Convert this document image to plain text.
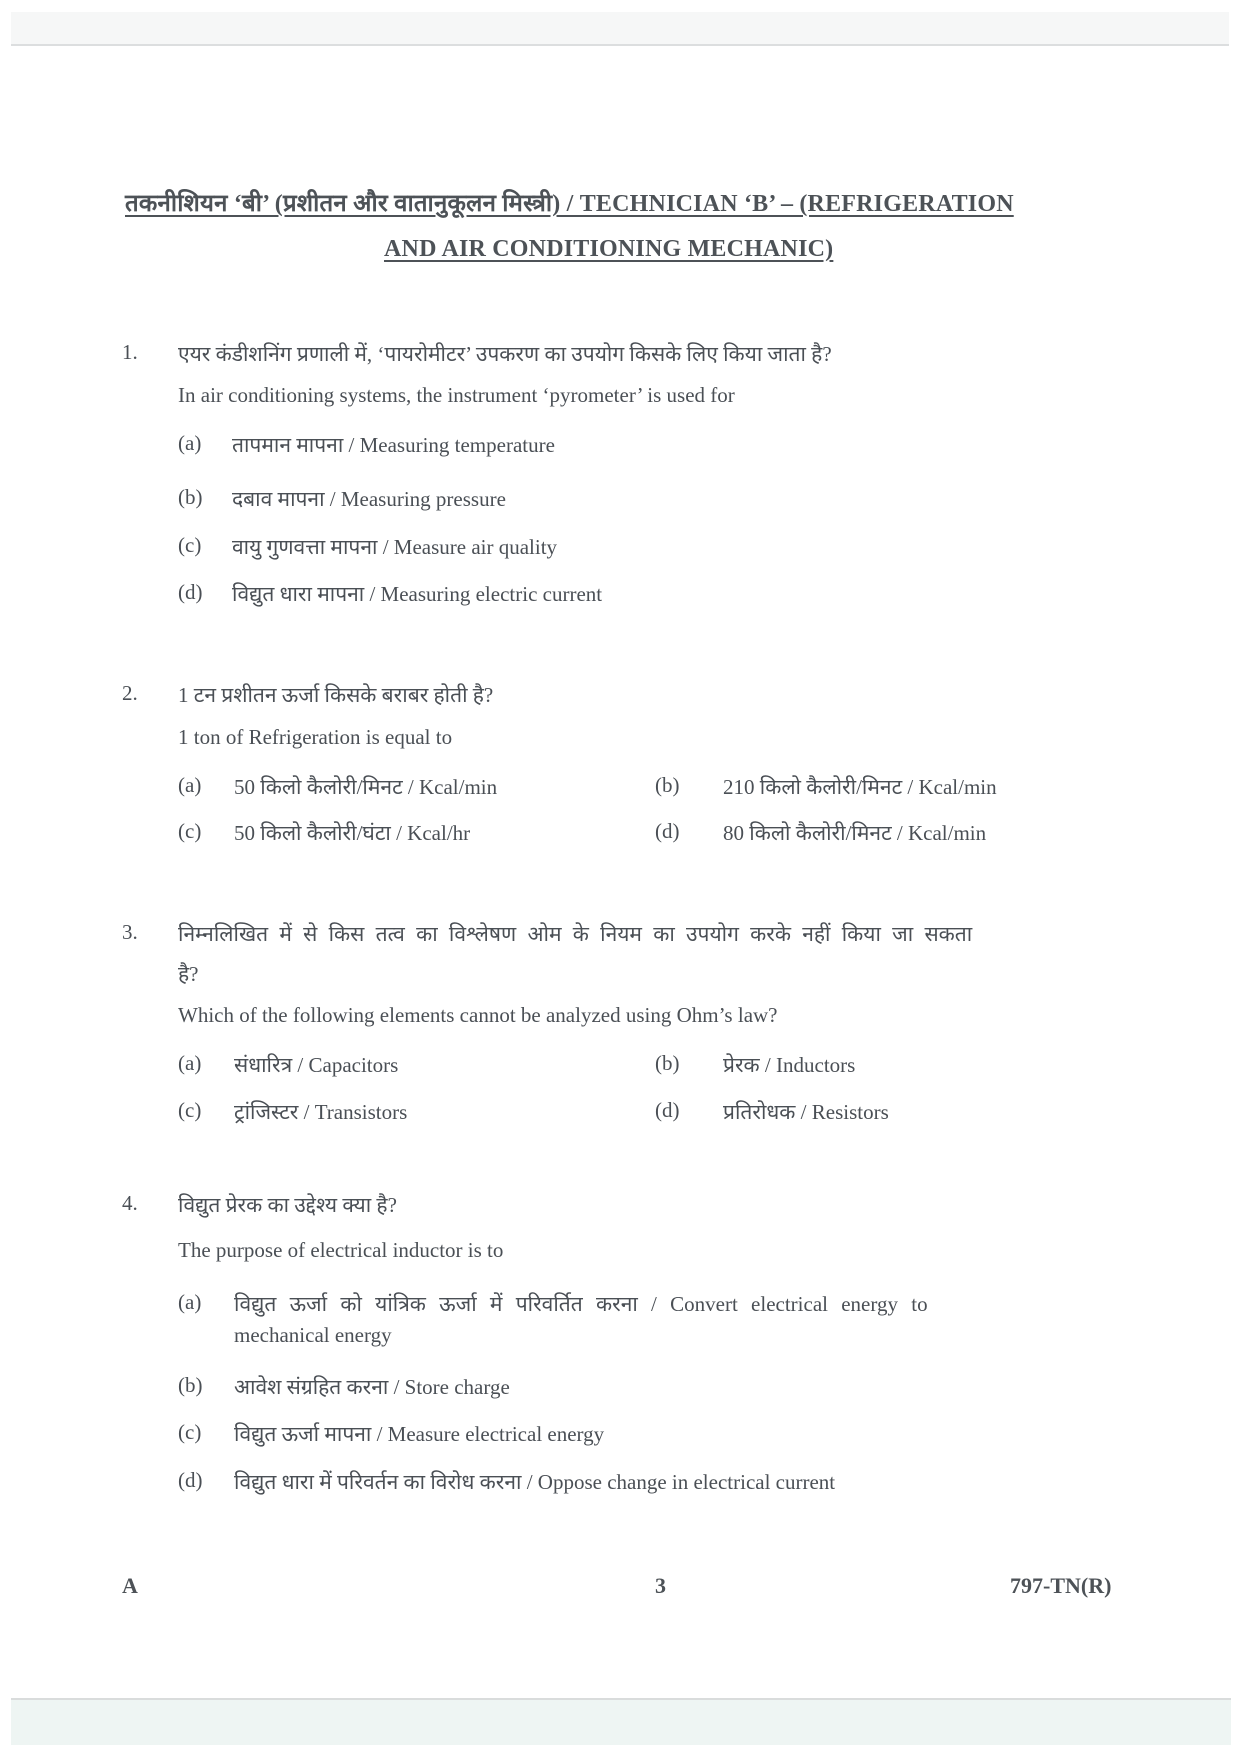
तकनीशियन ‘बी’ (प्रशीतन और वातानुकूलन मिस्त्री) / TECHNICIAN ‘B’ – (REFRIGERATION
AND AIR CONDITIONING MECHANIC)
1. एयर कंडीशनिंग प्रणाली में, ‘पायरोमीटर’ उपकरण का उपयोग किसके लिए किया जाता है?
In air conditioning systems, the instrument ‘pyrometer’ is used for
(a) तापमान मापना / Measuring temperature
(b) दबाव मापना / Measuring pressure
(c) वायु गुणवत्ता मापना / Measure air quality
(d) विद्युत धारा मापना / Measuring electric current
2. 1 टन प्रशीतन ऊर्जा किसके बराबर होती है?
1 ton of Refrigeration is equal to
(a) 50 किलो कैलोरी/मिनट / Kcal/min	(b) 210 किलो कैलोरी/मिनट / Kcal/min
(c) 50 किलो कैलोरी/घंटा / Kcal/hr	(d) 80 किलो कैलोरी/मिनट / Kcal/min
3. निम्नलिखित में से किस तत्व का विश्लेषण ओम के नियम का उपयोग करके नहीं किया जा सकता
है?
Which of the following elements cannot be analyzed using Ohm’s law?
(a) संधारित्र / Capacitors	(b) प्रेरक / Inductors
(c) ट्रांजिस्टर / Transistors	(d) प्रतिरोधक / Resistors
4. विद्युत प्रेरक का उद्देश्य क्या है?
The purpose of electrical inductor is to
(a) विद्युत ऊर्जा को यांत्रिक ऊर्जा में परिवर्तित करना / Convert electrical energy to
mechanical energy
(b) आवेश संग्रहित करना / Store charge
(c) विद्युत ऊर्जा मापना / Measure electrical energy
(d) विद्युत धारा में परिवर्तन का विरोध करना / Oppose change in electrical current
A	3	797-TN(R)
